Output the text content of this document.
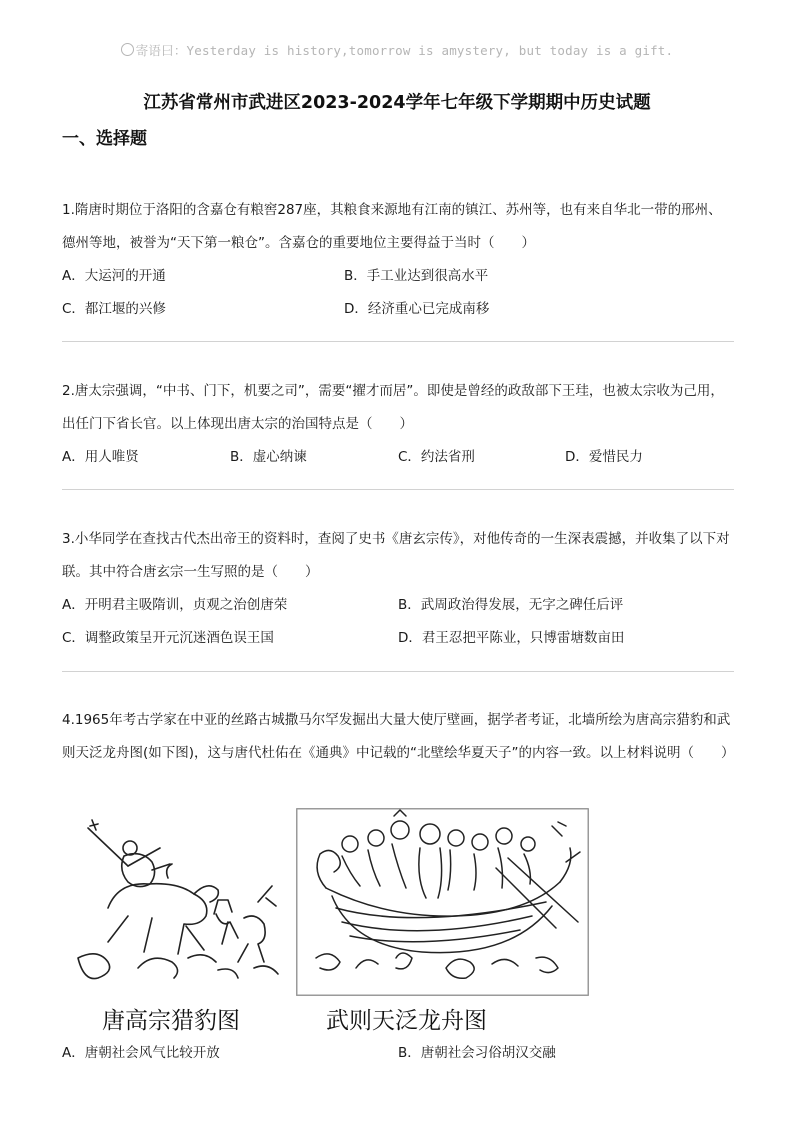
寄语曰：Yesterday is history,tomorrow is amystery, but today is a gift.
江苏省常州市武进区2023-2024学年七年级下学期期中历史试题
一、选择题

1.隋唐时期位于洛阳的含嘉仓有粮窖287座，其粮食来源地有江南的镇江、苏州等，也有来自华北一带的邢州、德州等地，被誉为“天下第一粮仓”。含嘉仓的重要地位主要得益于当时（　　）

A．大运河的开通	B．手工业达到很高水平
C．都江堰的兴修	D．经济重心已完成南移

2.唐太宗强调，“中书、门下，机要之司”，需要“擢才而居”。即使是曾经的政敌部下王珪，也被太宗收为己用，出任门下省长官。以上体现出唐太宗的治国特点是（　　）

A．用人唯贤	B．虚心纳谏	C．约法省刑	D．爱惜民力

3.小华同学在查找古代杰出帝王的资料时，查阅了史书《唐玄宗传》，对他传奇的一生深表震撼，并收集了以下对联。其中符合唐玄宗一生写照的是（　　）

A．开明君主吸隋训，贞观之治创唐荣	B．武周政治得发展，无字之碑任后评
C．调整政策呈开元沉迷酒色误王国	D．君王忍把平陈业，只博雷塘数亩田

4.1965年考古学家在中亚的丝路古城撒马尔罕发掘出大量大使厅壁画，据学者考证，北墙所绘为唐高宗猎豹和武则天泛龙舟图(如下图)，这与唐代杜佑在《通典》中记载的“北壁绘华夏天子”的内容一致。以上材料说明（　　）

唐高宗猎豹图	武则天泛龙舟图
A．唐朝社会风气比较开放	B．唐朝社会习俗胡汉交融
